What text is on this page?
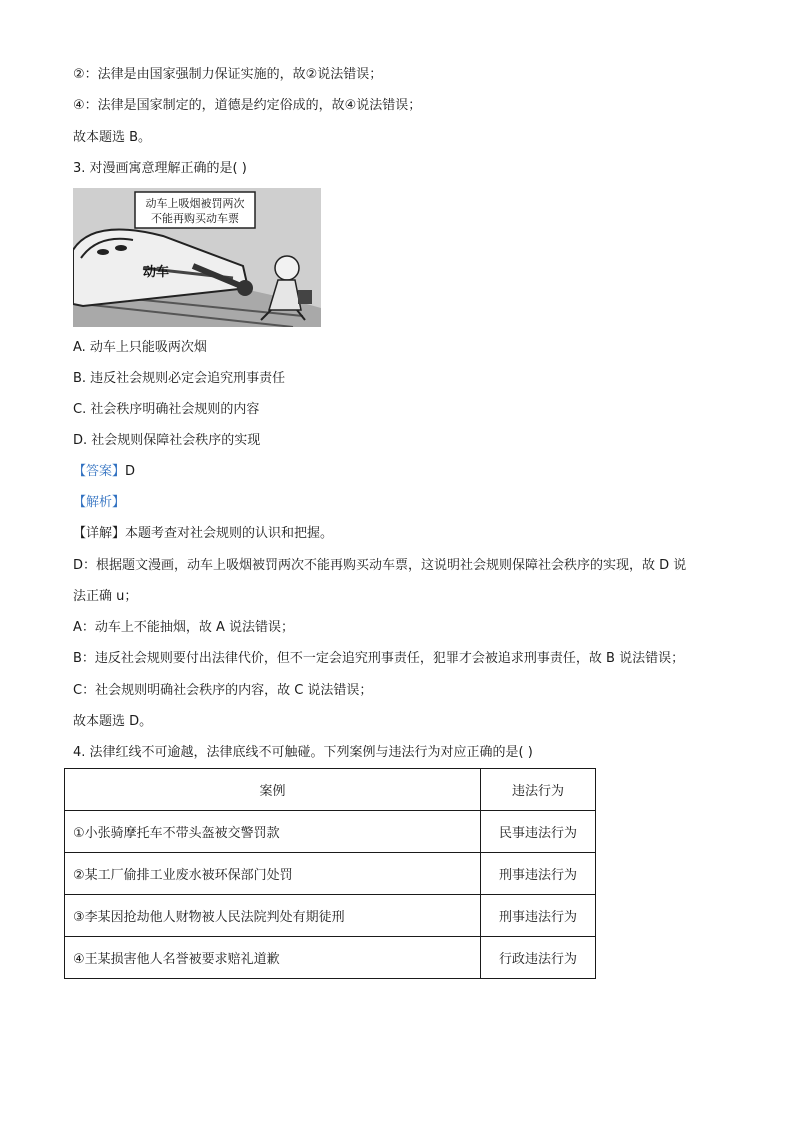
②：法律是由国家强制力保证实施的，故②说法错误；
④：法律是国家制定的，道德是约定俗成的，故④说法错误；
故本题选 B。
3. 对漫画寓意理解正确的是( )
动车上吸烟被罚两次
不能再购买动车票
动车
A. 动车上只能吸两次烟
B. 违反社会规则必定会追究刑事责任
C. 社会秩序明确社会规则的内容
D. 社会规则保障社会秩序的实现
【答案】D
【解析】
【详解】本题考查对社会规则的认识和把握。
D：根据题文漫画，动车上吸烟被罚两次不能再购买动车票，这说明社会规则保障社会秩序的实现，故 D 说
法正确 u；
A：动车上不能抽烟，故 A 说法错误；
B：违反社会规则要付出法律代价，但不一定会追究刑事责任，犯罪才会被追求刑事责任，故 B 说法错误；
C：社会规则明确社会秩序的内容，故 C 说法错误；
故本题选 D。
4. 法律红线不可逾越，法律底线不可触碰。下列案例与违法行为对应正确的是( )
案例	违法行为
①小张骑摩托车不带头盔被交警罚款	民事违法行为
②某工厂偷排工业废水被环保部门处罚	刑事违法行为
③李某因抢劫他人财物被人民法院判处有期徒刑	刑事违法行为
④王某损害他人名誉被要求赔礼道歉	行政违法行为
